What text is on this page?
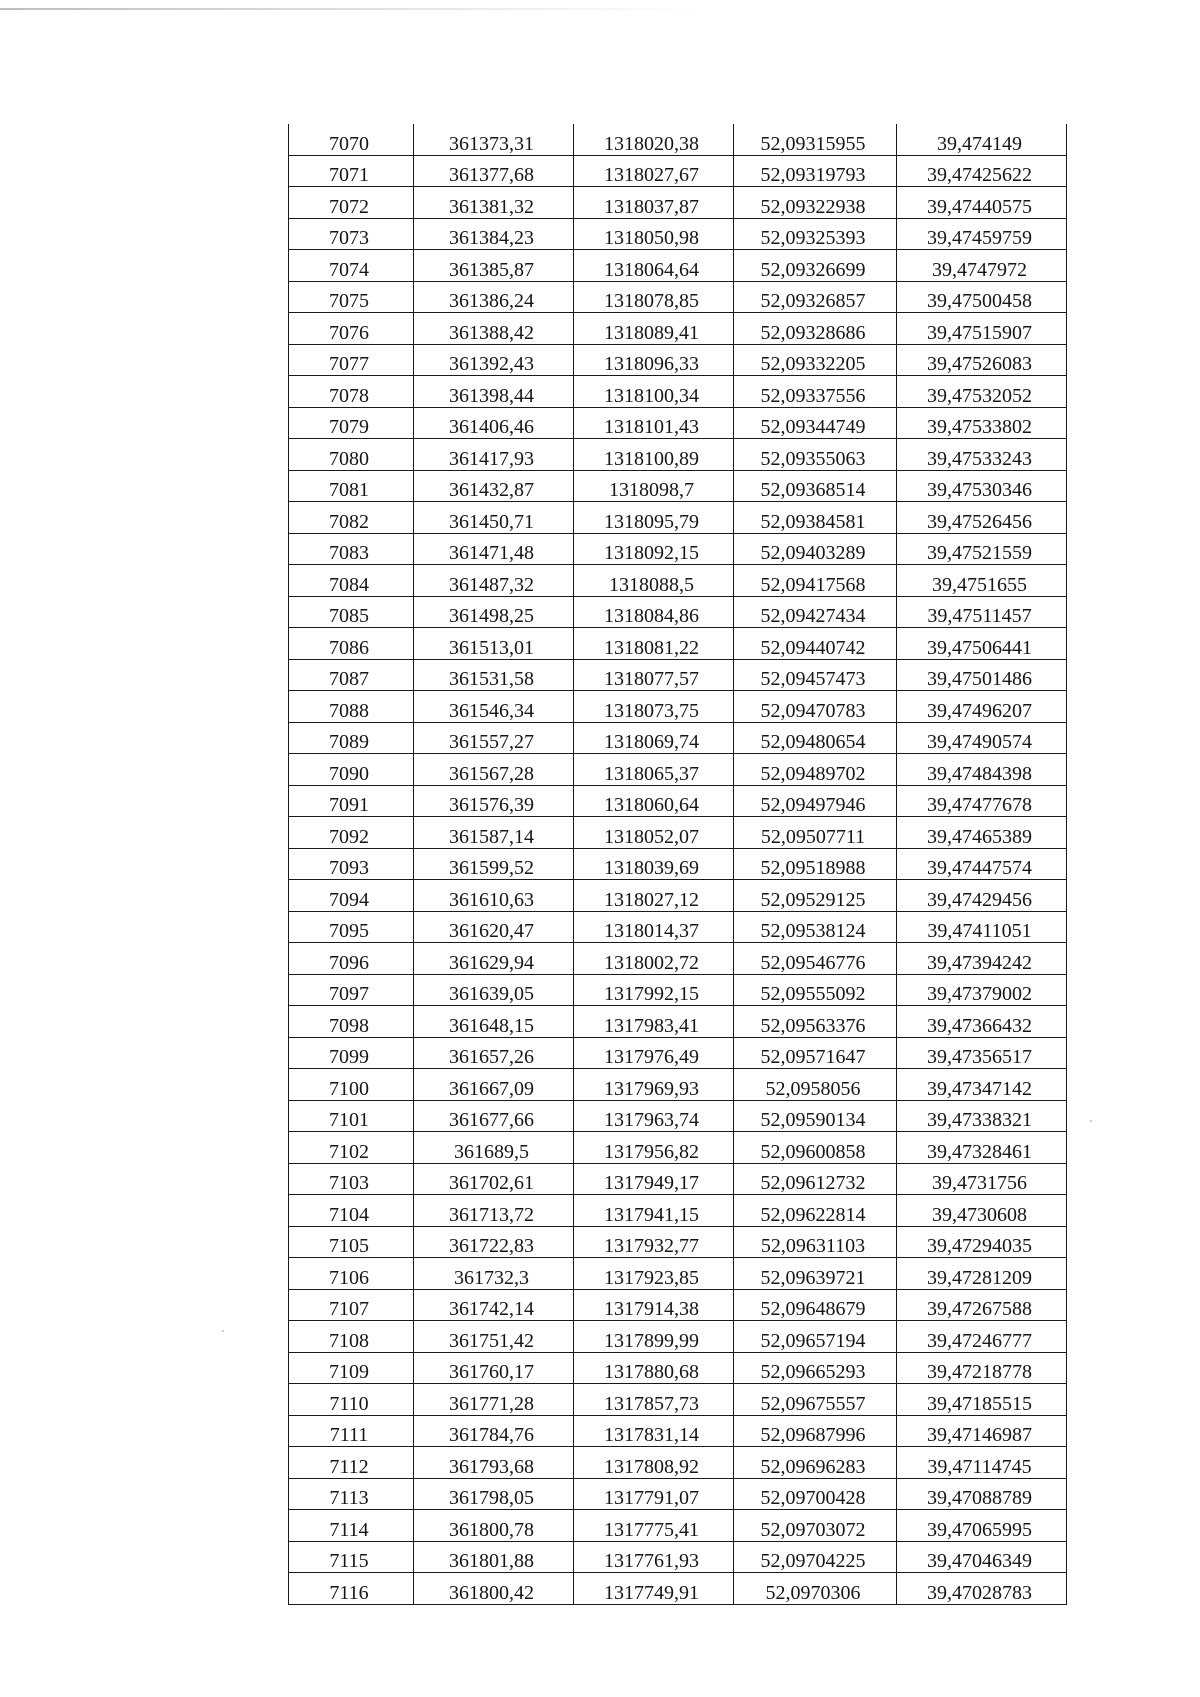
7070	361373,31	1318020,38	52,09315955	39,474149
7071	361377,68	1318027,67	52,09319793	39,47425622
7072	361381,32	1318037,87	52,09322938	39,47440575
7073	361384,23	1318050,98	52,09325393	39,47459759
7074	361385,87	1318064,64	52,09326699	39,4747972
7075	361386,24	1318078,85	52,09326857	39,47500458
7076	361388,42	1318089,41	52,09328686	39,47515907
7077	361392,43	1318096,33	52,09332205	39,47526083
7078	361398,44	1318100,34	52,09337556	39,47532052
7079	361406,46	1318101,43	52,09344749	39,47533802
7080	361417,93	1318100,89	52,09355063	39,47533243
7081	361432,87	1318098,7	52,09368514	39,47530346
7082	361450,71	1318095,79	52,09384581	39,47526456
7083	361471,48	1318092,15	52,09403289	39,47521559
7084	361487,32	1318088,5	52,09417568	39,4751655
7085	361498,25	1318084,86	52,09427434	39,47511457
7086	361513,01	1318081,22	52,09440742	39,47506441
7087	361531,58	1318077,57	52,09457473	39,47501486
7088	361546,34	1318073,75	52,09470783	39,47496207
7089	361557,27	1318069,74	52,09480654	39,47490574
7090	361567,28	1318065,37	52,09489702	39,47484398
7091	361576,39	1318060,64	52,09497946	39,47477678
7092	361587,14	1318052,07	52,09507711	39,47465389
7093	361599,52	1318039,69	52,09518988	39,47447574
7094	361610,63	1318027,12	52,09529125	39,47429456
7095	361620,47	1318014,37	52,09538124	39,47411051
7096	361629,94	1318002,72	52,09546776	39,47394242
7097	361639,05	1317992,15	52,09555092	39,47379002
7098	361648,15	1317983,41	52,09563376	39,47366432
7099	361657,26	1317976,49	52,09571647	39,47356517
7100	361667,09	1317969,93	52,0958056	39,47347142
7101	361677,66	1317963,74	52,09590134	39,47338321
7102	361689,5	1317956,82	52,09600858	39,47328461
7103	361702,61	1317949,17	52,09612732	39,4731756
7104	361713,72	1317941,15	52,09622814	39,4730608
7105	361722,83	1317932,77	52,09631103	39,47294035
7106	361732,3	1317923,85	52,09639721	39,47281209
7107	361742,14	1317914,38	52,09648679	39,47267588
7108	361751,42	1317899,99	52,09657194	39,47246777
7109	361760,17	1317880,68	52,09665293	39,47218778
7110	361771,28	1317857,73	52,09675557	39,47185515
7111	361784,76	1317831,14	52,09687996	39,47146987
7112	361793,68	1317808,92	52,09696283	39,47114745
7113	361798,05	1317791,07	52,09700428	39,47088789
7114	361800,78	1317775,41	52,09703072	39,47065995
7115	361801,88	1317761,93	52,09704225	39,47046349
7116	361800,42	1317749,91	52,0970306	39,47028783
